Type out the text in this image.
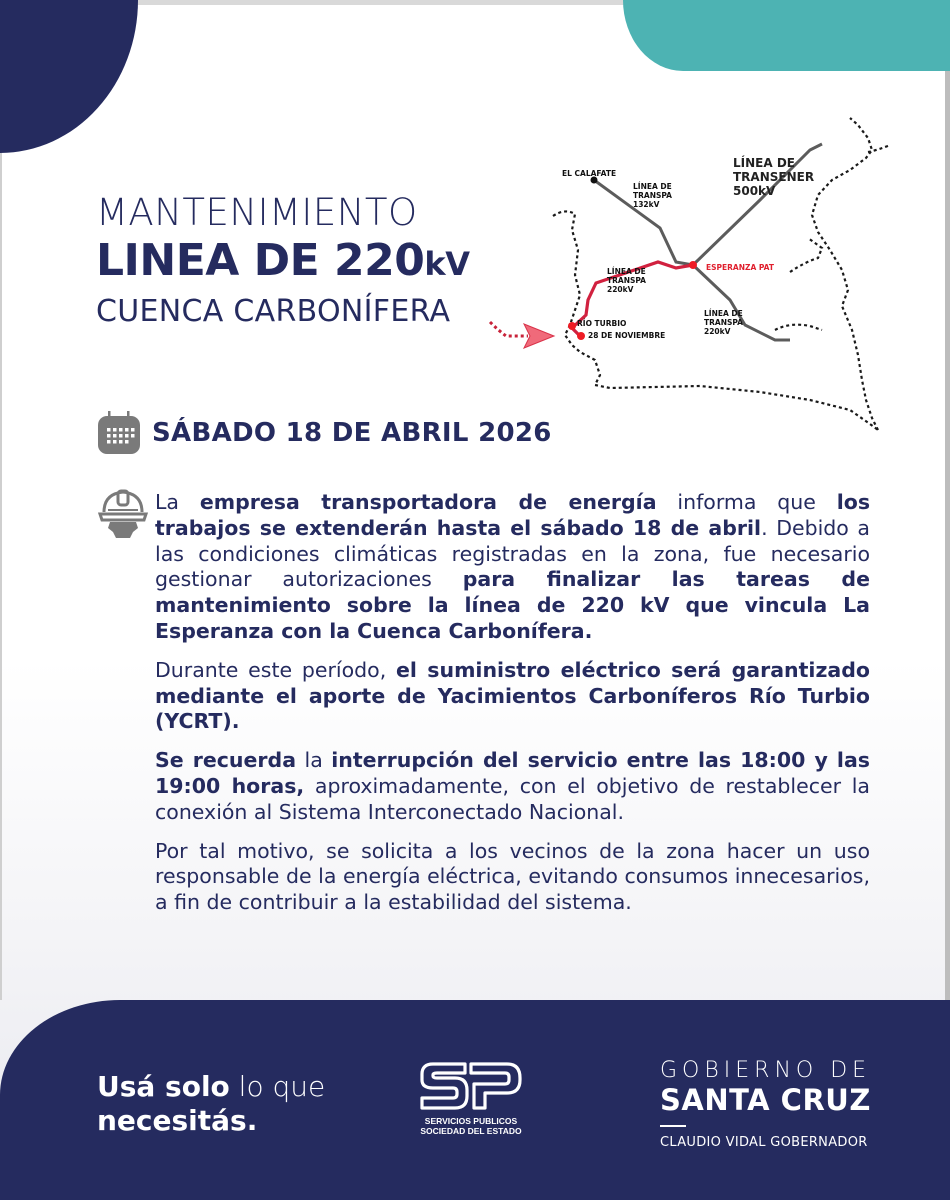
MANTENIMIENTO
LINEA DE 220kV
CUENCA CARBONÍFERA
EL CALAFATE
LÍNEA DE
TRANSPA
132kV
LÍNEA DE
TRANSPA
220kV
LÍNEA DE
TRANSPA
220kV
RÍO TURBIO
28 DE NOVIEMBRE
ESPERANZA PAT
LÍNEA DE
TRANSENER
500kV
SÁBADO 18 DE ABRIL 2026

La empresa transportadora de energía informa que los trabajos se extenderán hasta el sábado 18 de abril. Debido a las condiciones climáticas registradas en la zona, fue necesario gestionar autorizaciones para finalizar las tareas de mantenimiento sobre la línea de 220 kV que vincula La Esperanza con la Cuenca Carbonífera.

Durante este período, el suministro eléctrico será garantizado mediante el aporte de Yacimientos Carboníferos Río Turbio (YCRT).

Se recuerda la interrupción del servicio entre las 18:00 y las 19:00 horas, aproximadamente, con el objetivo de restablecer la conexión al Sistema Interconectado Nacional.

Por tal motivo, se solicita a los vecinos de la zona hacer un uso responsable de la energía eléctrica, evitando consumos innecesarios, a fin de contribuir a la estabilidad del sistema.

Usá solo lo que
necesitás.	SERVICIOS PUBLICOS
SOCIEDAD DEL ESTADO
GOBIERNO DE
SANTA CRUZ
CLAUDIO VIDAL GOBERNADOR
